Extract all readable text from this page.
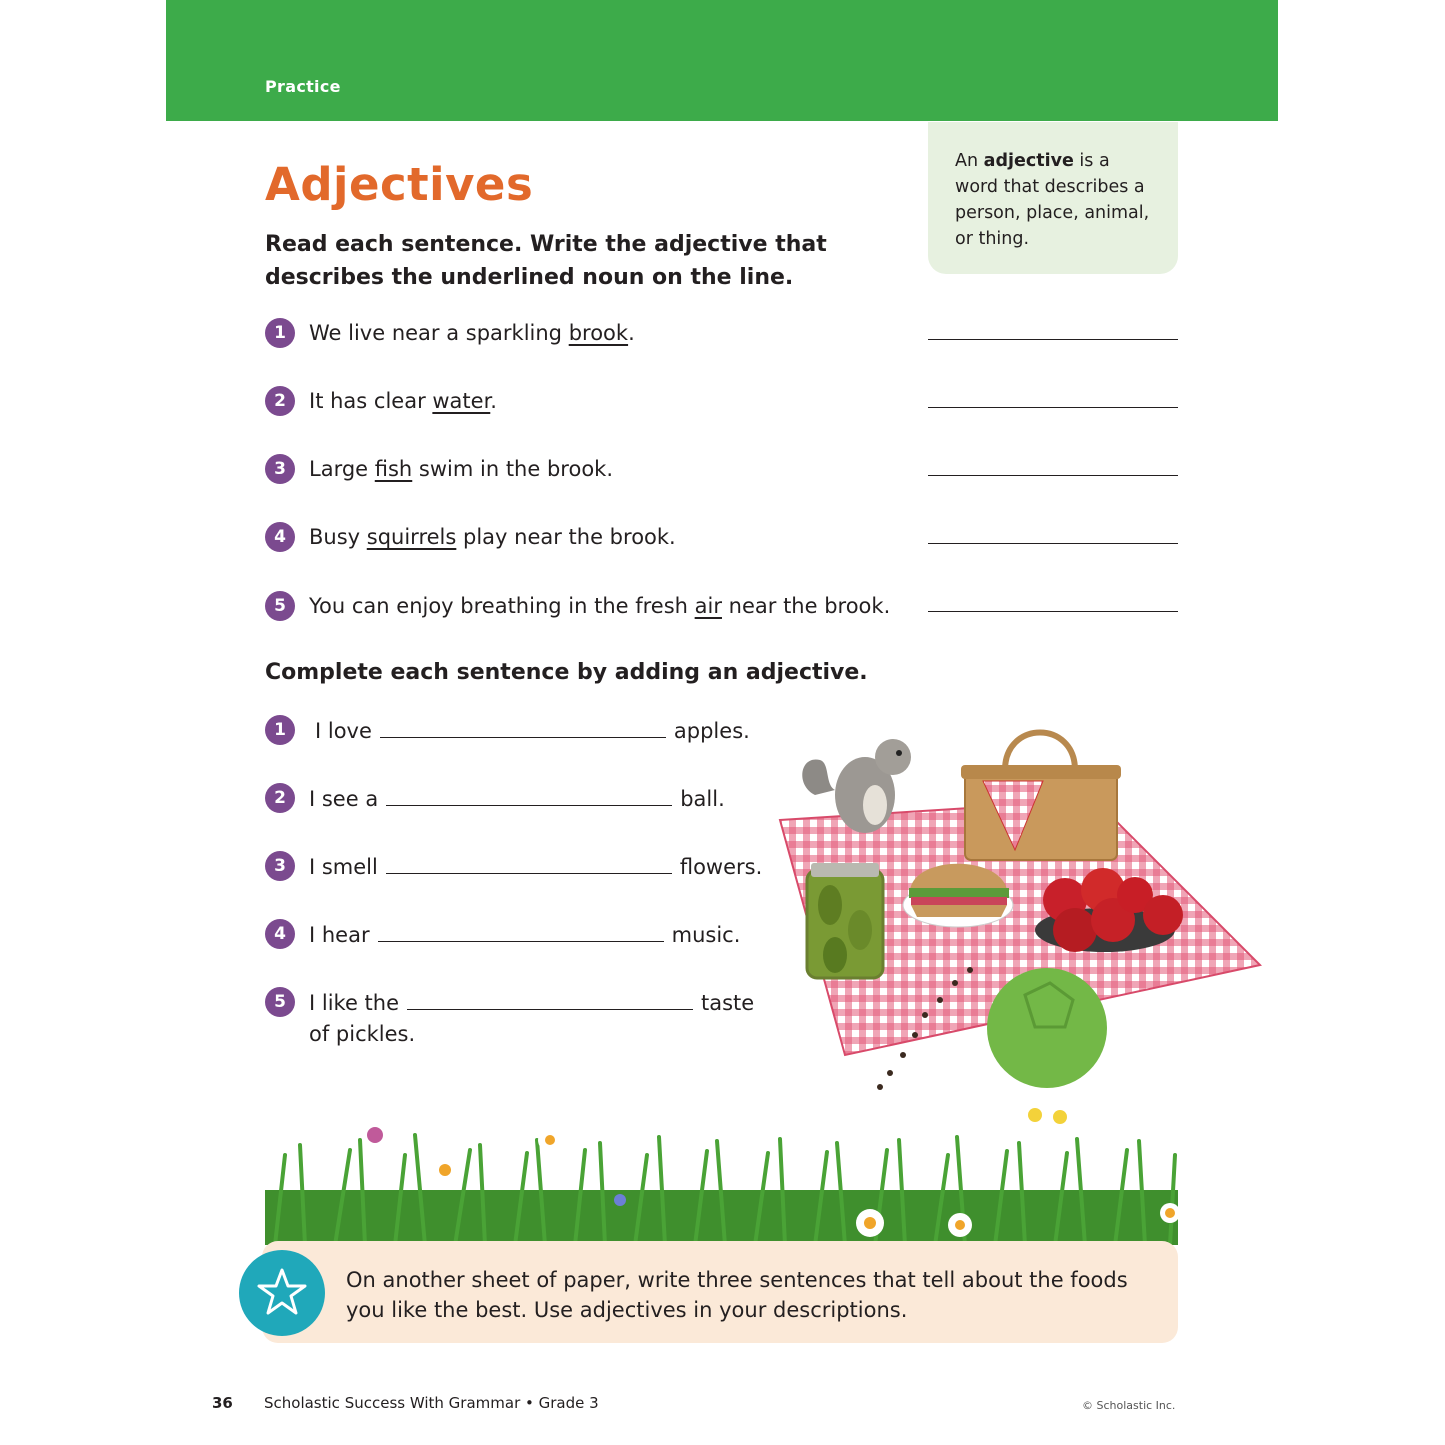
Practice
Adjectives	An adjective is a word that describes a person, place, animal, or thing.

Read each sentence. Write the adjective that describes the underlined noun on the line.

1	We live near a sparkling brook.
2	It has clear water.
3	Large fish swim in the brook.
4	Busy squirrels play near the brook.
5	You can enjoy breathing in the fresh air near the brook.

Complete each sentence by adding an adjective.

1	I love	apples.
2	I see a	ball.
3	I smell	flowers.
4	I hear	music.
5	I like the	taste
of pickles.
On another sheet of paper, write three sentences that tell about the foods you like the best. Use adjectives in your descriptions.
36 Scholastic Success With Grammar • Grade 3	© Scholastic Inc.
